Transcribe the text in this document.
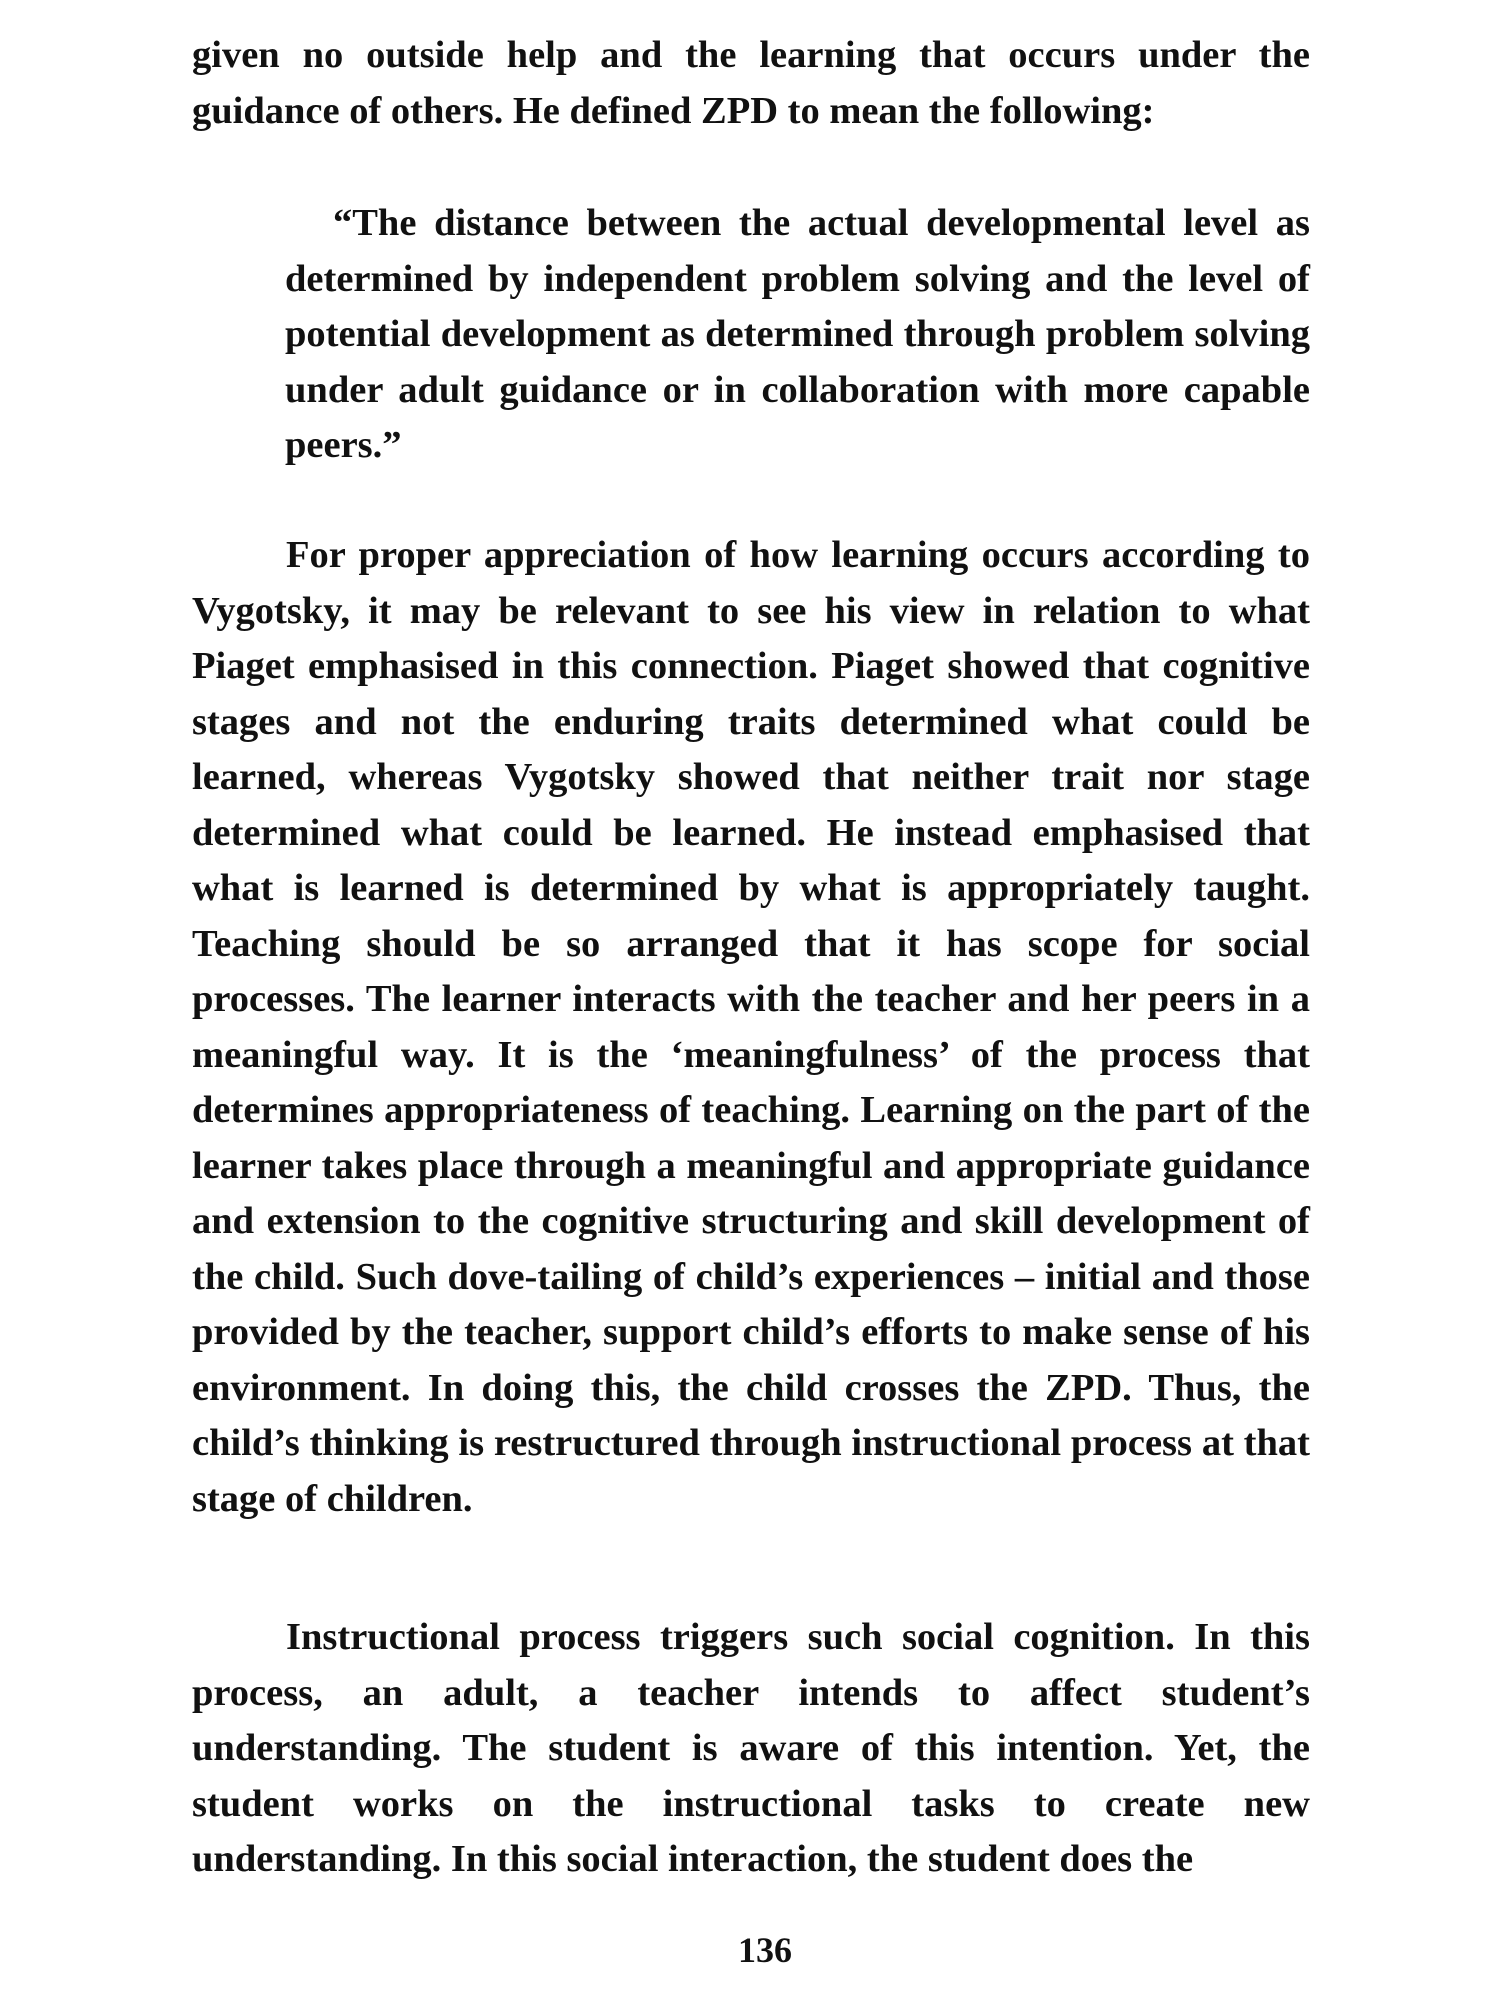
given no outside help and the learning that occurs under the guidance of others. He defined ZPD to mean the following:

“The distance between the actual developmental level as determined by independent problem solving and the level of potential development as determined through problem solving under adult guidance or in collaboration with more capable peers.”

For proper appreciation of how learning occurs according to Vygotsky, it may be relevant to see his view in relation to what Piaget emphasised in this connection. Piaget showed that cognitive stages and not the enduring traits determined what could be learned, whereas Vygotsky showed that neither trait nor stage determined what could be learned. He instead emphasised that what is learned is determined by what is appropriately taught. Teaching should be so arranged that it has scope for social processes. The learner interacts with the teacher and her peers in a meaningful way. It is the ‘meaningfulness’ of the process that determines appropriateness of teaching. Learning on the part of the learner takes place through a meaningful and appropriate guidance and extension to the cognitive structuring and skill development of the child. Such dove-tailing of child’s experiences – initial and those provided by the teacher, support child’s efforts to make sense of his environment. In doing this, the child crosses the ZPD. Thus, the child’s thinking is restructured through instructional process at that stage of children.

Instructional process triggers such social cognition. In this process, an adult, a teacher intends to affect student’s understanding. The student is aware of this intention. Yet, the student works on the instructional tasks to create new understanding. In this social interaction, the student does the

136
